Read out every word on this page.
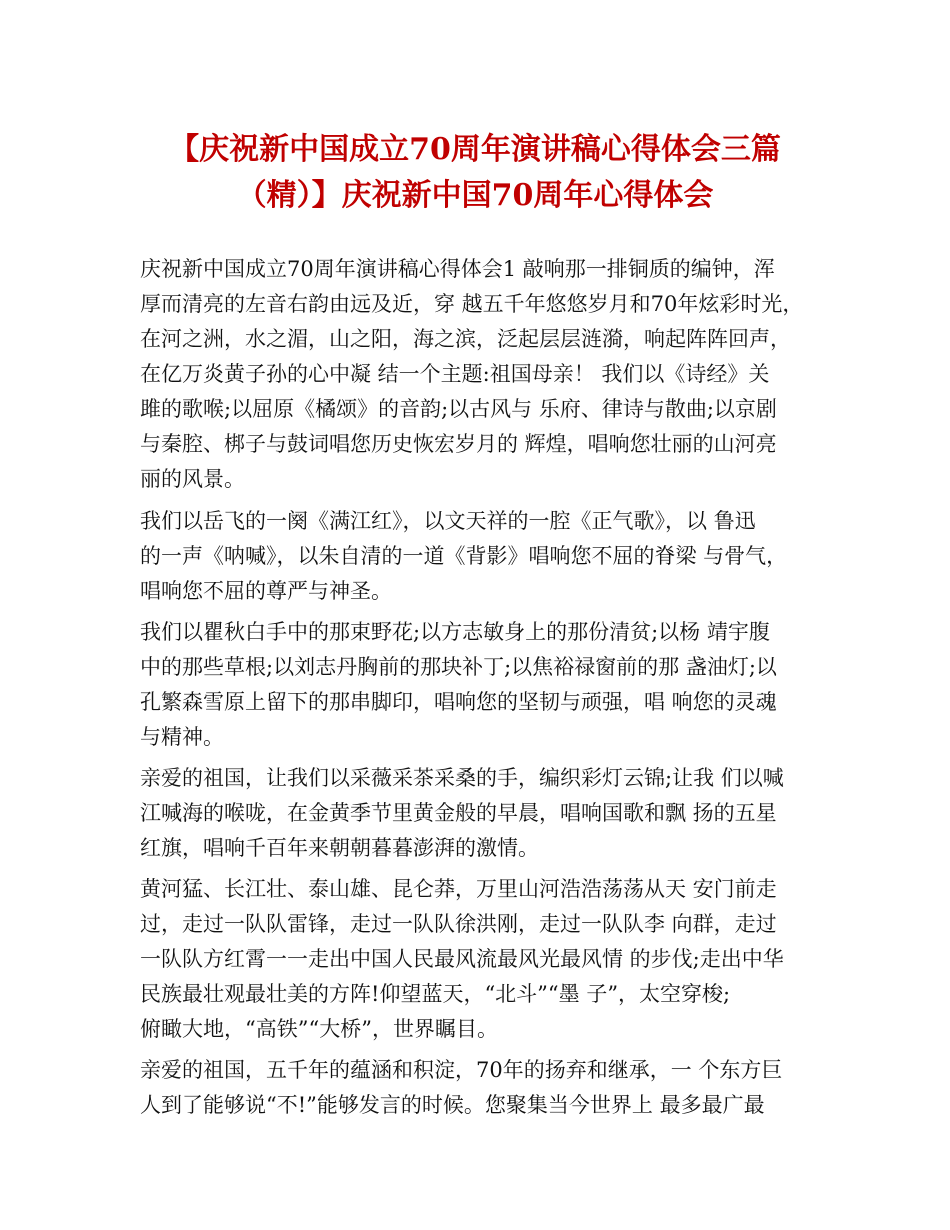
【庆祝新中国成立70周年演讲稿心得体会三篇
（精）】庆祝新中国70周年心得体会
庆祝新中国成立70周年演讲稿心得体会1 敲响那一排铜质的编钟，浑
厚而清亮的左音右韵由远及近，穿 越五千年悠悠岁月和70年炫彩时光，
在河之洲，水之湄，山之阳，海之滨，泛起层层涟漪，响起阵阵回声，
在亿万炎黄子孙的心中凝 结一个主题:祖国母亲！ 我们以《诗经》关
雎的歌喉;以屈原《橘颂》的音韵;以古风与 乐府、律诗与散曲;以京剧
与秦腔、梆子与鼓词唱您历史恢宏岁月的 辉煌，唱响您壮丽的山河亮
丽的风景。
我们以岳飞的一阕《满江红》，以文天祥的一腔《正气歌》，以 鲁迅
的一声《呐喊》，以朱自清的一道《背影》唱响您不屈的脊梁 与骨气，
唱响您不屈的尊严与神圣。
我们以瞿秋白手中的那束野花;以方志敏身上的那份清贫;以杨 靖宇腹
中的那些草根;以刘志丹胸前的那块补丁;以焦裕禄窗前的那 盏油灯;以
孔繁森雪原上留下的那串脚印，唱响您的坚韧与顽强，唱 响您的灵魂
与精神。
亲爱的祖国，让我们以采薇采茶采桑的手，编织彩灯云锦;让我 们以喊
江喊海的喉咙，在金黄季节里黄金般的早晨，唱响国歌和飘 扬的五星
红旗，唱响千百年来朝朝暮暮澎湃的激情。
黄河猛、长江壮、泰山雄、昆仑莽，万里山河浩浩荡荡从天 安门前走
过，走过一队队雷锋，走过一队队徐洪刚，走过一队队李 向群，走过
一队队方红霄一一走出中国人民最风流最风光最风情 的步伐;走出中华
民族最壮观最壮美的方阵!仰望蓝天，“北斗”“墨 子”，太空穿梭;
俯瞰大地，“高铁”“大桥”，世界瞩目。
亲爱的祖国，五千年的蕴涵和积淀，70年的扬弃和继承，一 个东方巨
人到了能够说“不!”能够发言的时候。您聚集当今世界上 最多最广最
